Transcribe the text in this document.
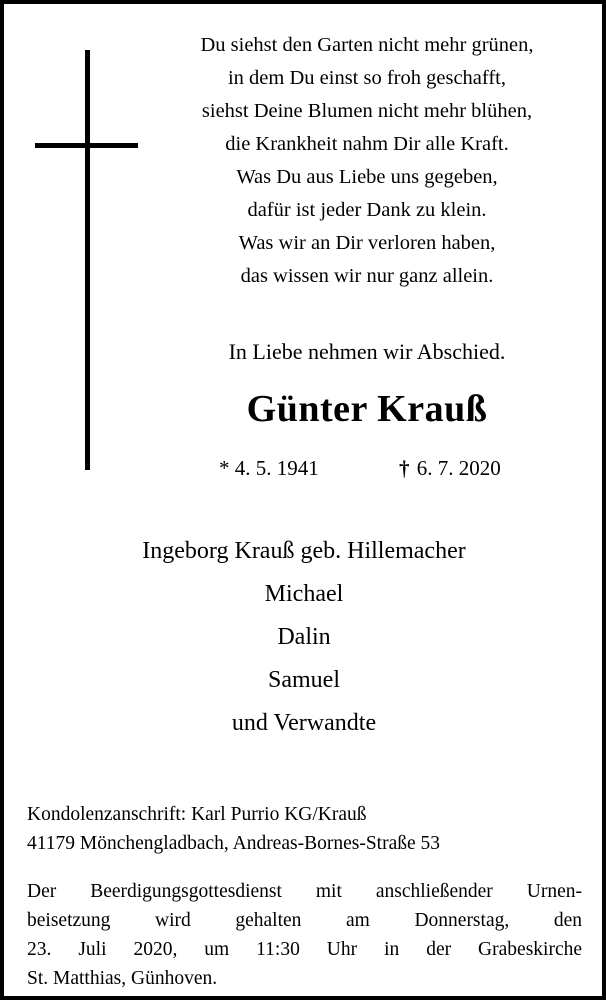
Du siehst den Garten nicht mehr grünen,
in dem Du einst so froh geschafft,
siehst Deine Blumen nicht mehr blühen,
die Krankheit nahm Dir alle Kraft.
Was Du aus Liebe uns gegeben,
dafür ist jeder Dank zu klein.
Was wir an Dir verloren haben,
das wissen wir nur ganz allein.
In Liebe nehmen wir Abschied.
Günter Krauß
* 4. 5. 1941	† 6. 7. 2020
Ingeborg Krauß geb. Hillemacher
Michael
Dalin
Samuel
und Verwandte
Kondolenzanschrift: Karl Purrio KG/Krauß
41179 Mönchengladbach, Andreas-Bornes-Straße 53
Der Beerdigungsgottesdienst mit anschließender Urnen-
beisetzung wird gehalten am Donnerstag, den
23. Juli 2020, um 11:30 Uhr in der Grabeskirche
St. Matthias, Günhoven.
